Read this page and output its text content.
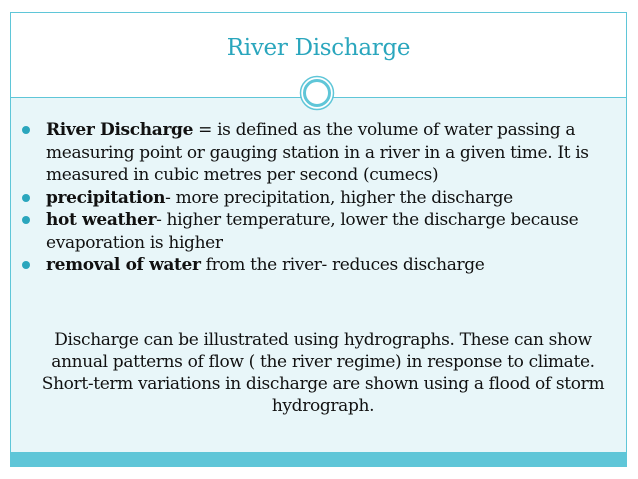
River Discharge
River Discharge = is defined as the volume of water passing a measuring point or gauging station in a river in a given time. It is measured in cubic metres per second (cumecs)
precipitation- more precipitation, higher the discharge
hot weather- higher temperature, lower the discharge because evaporation is higher
removal of water from the river- reduces discharge

Discharge can be illustrated using hydrographs. These can show annual patterns of flow ( the river regime) in response to climate. Short-term variations in discharge are shown using a flood of storm hydrograph.
